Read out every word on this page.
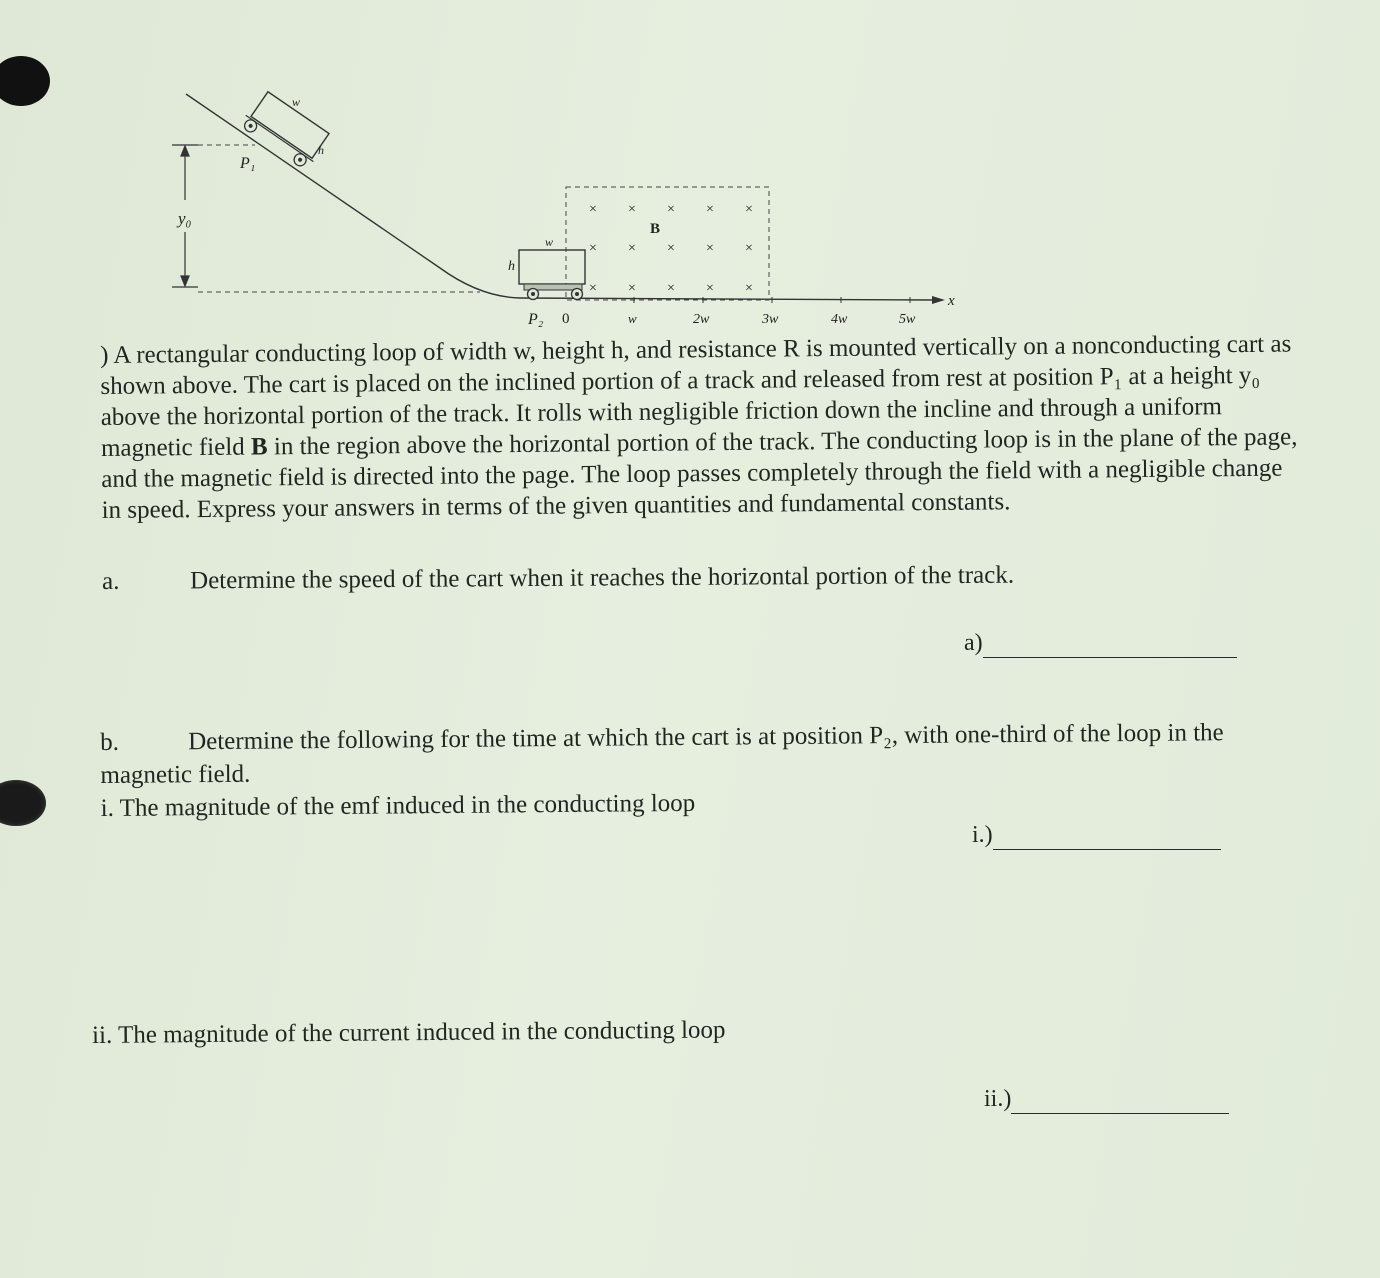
y₀
x
w
h
P₁
× × × × ×
× × × × ×
× × × × ×
B
w
h
P₂ 0	w	2w	3w	4w	5w

) A rectangular conducting loop of width w, height h, and resistance R is mounted vertically on a nonconducting cart as shown above. The cart is placed on the inclined portion of a track and released from rest at position P₁ at a height y₀ above the horizontal portion of the track. It rolls with negligible friction down the incline and through a uniform magnetic field B in the region above the horizontal portion of the track. The conducting loop is in the plane of the page, and the magnetic field is directed into the page. The loop passes completely through the field with a negligible change in speed. Express your answers in terms of the given quantities and fundamental constants.

a.	Determine the speed of the cart when it reaches the horizontal portion of the track.
a)
b.	Determine the following for the time at which the cart is at position P₂, with one-third of the loop in the magnetic field.
i. The magnitude of the emf induced in the conducting loop
i.)
ii. The magnitude of the current induced in the conducting loop
ii.)
